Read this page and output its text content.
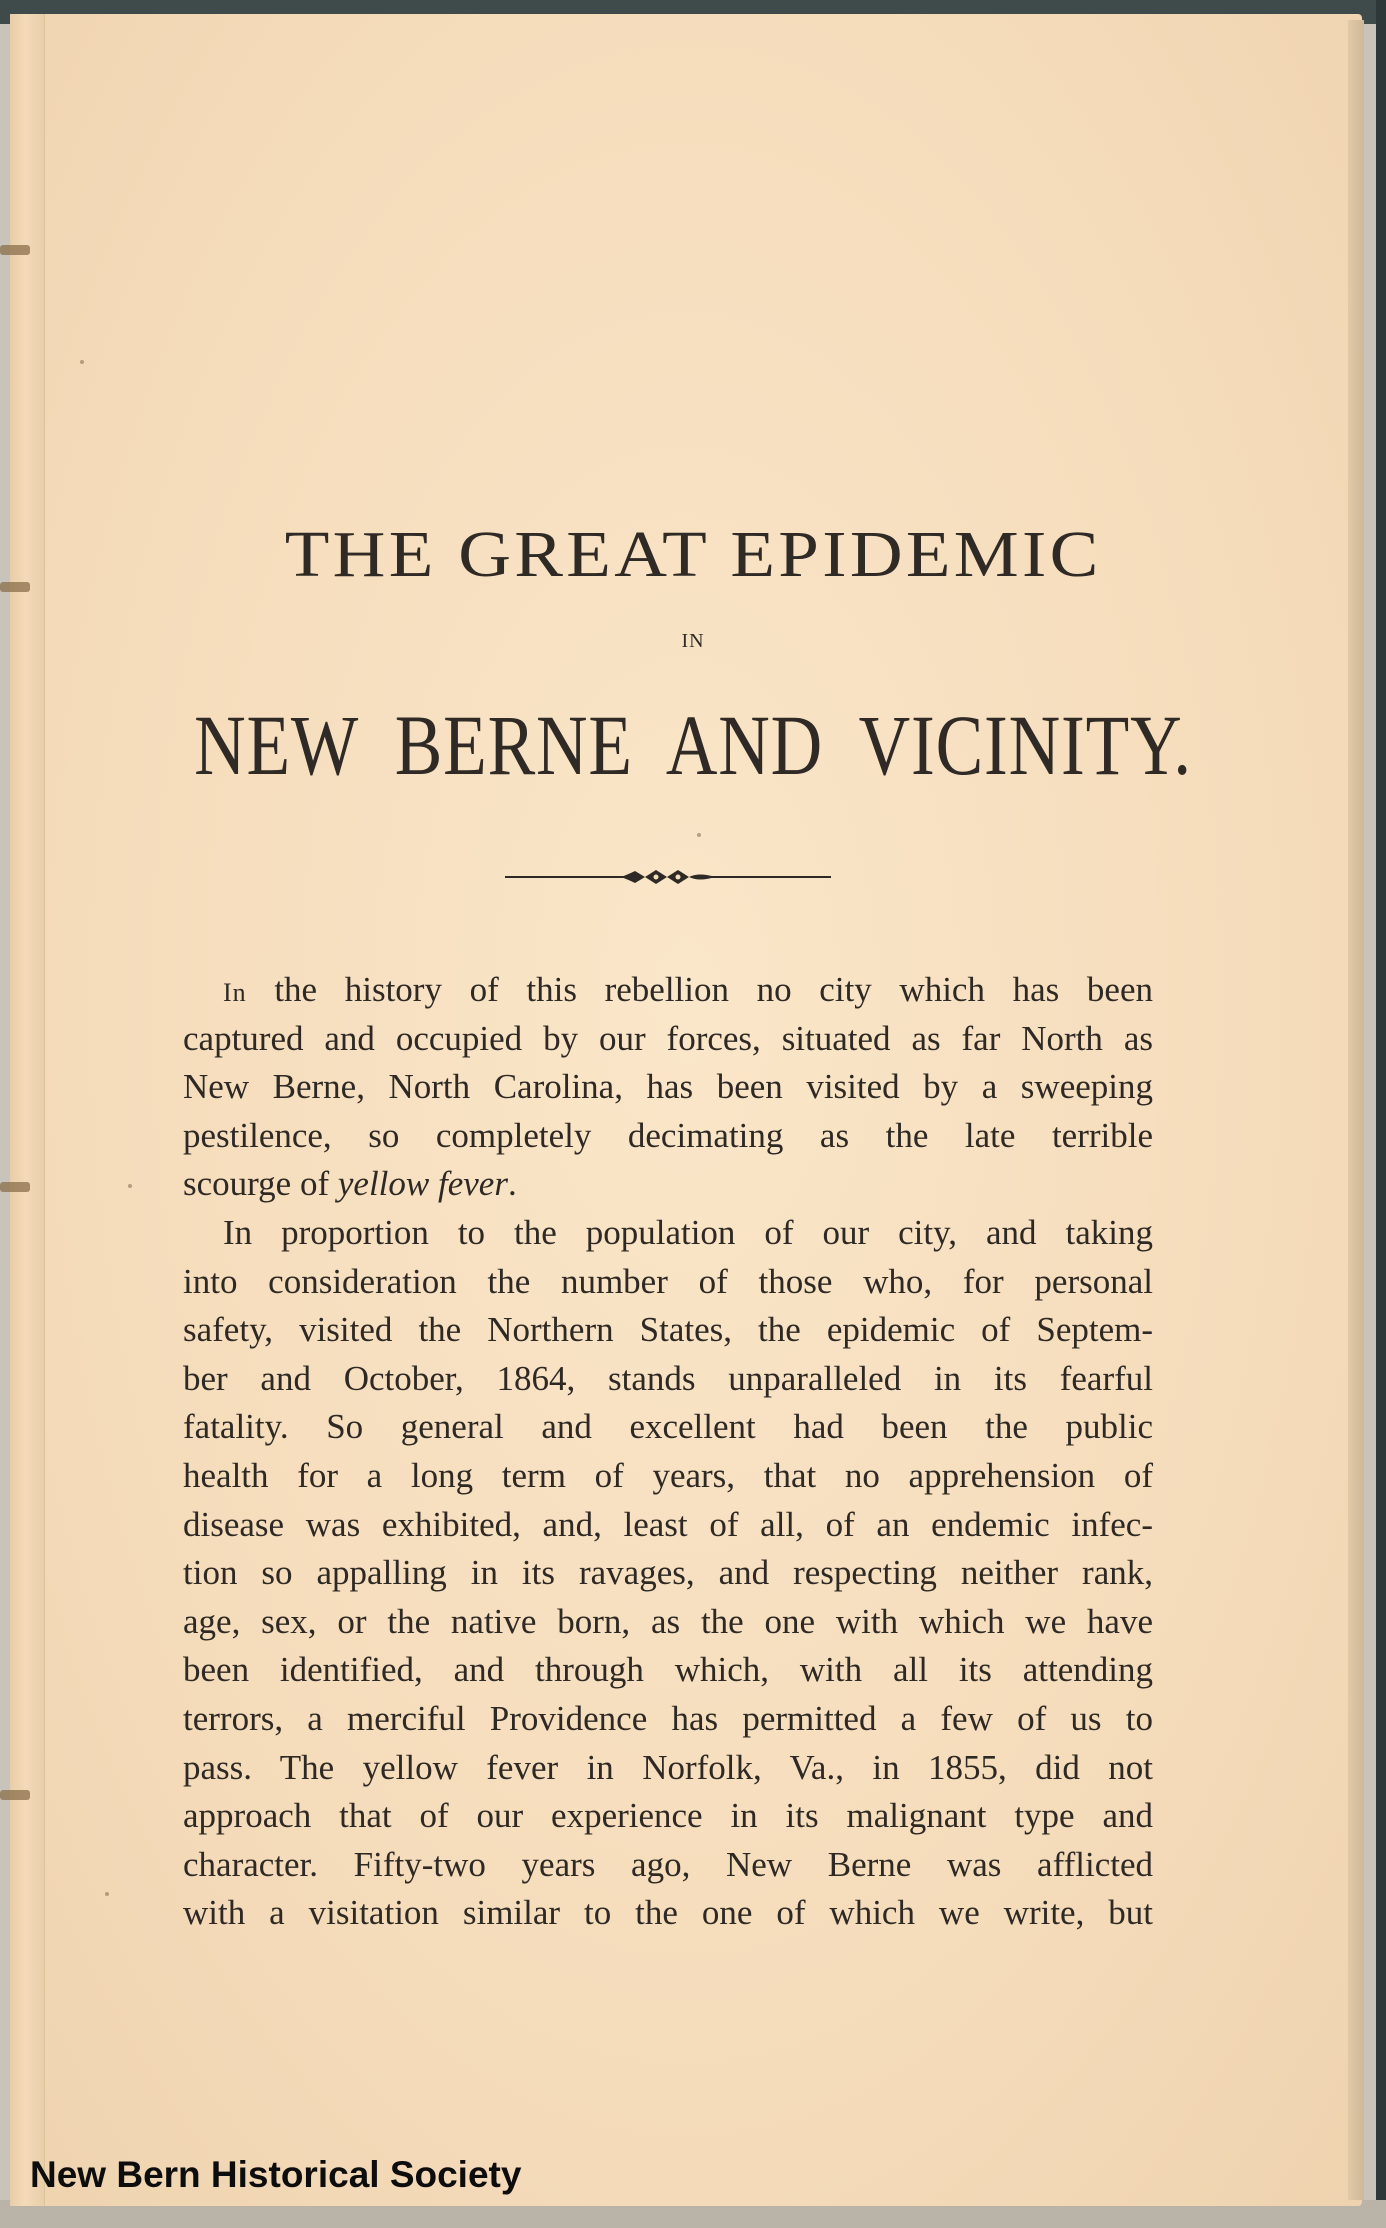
THE GREAT EPIDEMIC
IN
NEW BERNE AND VICINITY.
In the history of this rebellion no city which has been
captured and occupied by our forces, situated as far North as
New Berne, North Carolina, has been visited by a sweeping
pestilence, so completely decimating as the late terrible
scourge of yellow fever.
In proportion to the population of our city, and taking
into consideration the number of those who, for personal
safety, visited the Northern States, the epidemic of Septem-
ber and October, 1864, stands unparalleled in its fearful
fatality. So general and excellent had been the public
health for a long term of years, that no apprehension of
disease was exhibited, and, least of all, of an endemic infec-
tion so appalling in its ravages, and respecting neither rank,
age, sex, or the native born, as the one with which we have
been identified, and through which, with all its attending
terrors, a merciful Providence has permitted a few of us to
pass. The yellow fever in Norfolk, Va., in 1855, did not
approach that of our experience in its malignant type and
character. Fifty-two years ago, New Berne was afflicted
with a visitation similar to the one of which we write, but
New Bern Historical Society
